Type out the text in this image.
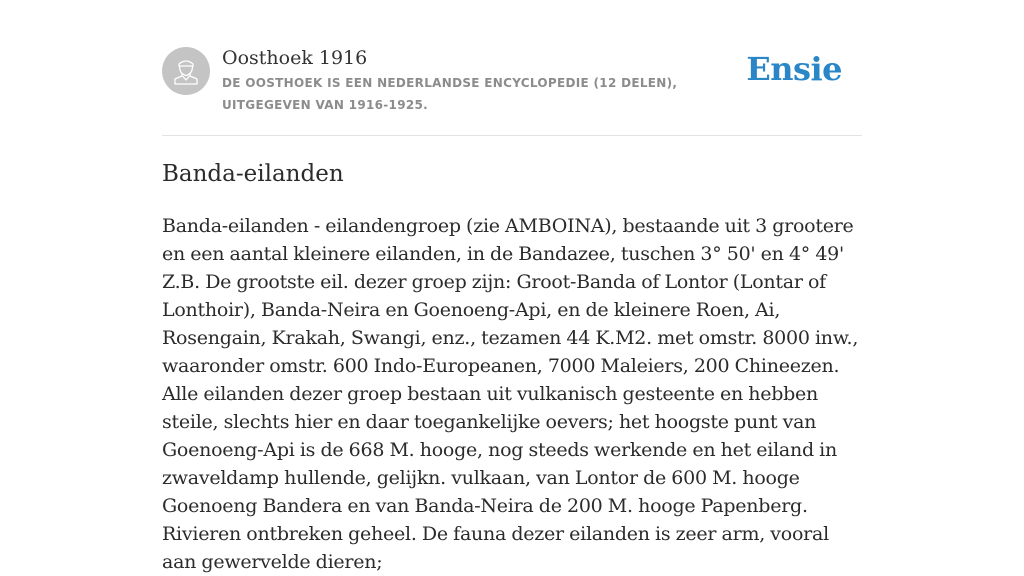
Oosthoek 1916
DE OOSTHOEK IS EEN NEDERLANDSE ENCYCLOPEDIE (12 DELEN), UITGEGEVEN VAN 1916-1925.
Ensie
Banda-eilanden

Banda-eilanden - eilandengroep (zie AMBOINA), bestaande uit 3 grootere en een aantal kleinere eilanden, in de Bandazee, tuschen 3° 50' en 4° 49' Z.B. De grootste eil. dezer groep zijn: Groot-Banda of Lontor (Lontar of Lonthoir), Banda-Neira en Goenoeng-Api, en de kleinere Roen, Ai, Rosengain, Krakah, Swangi, enz., tezamen 44 K.M2. met omstr. 8000 inw., waaronder omstr. 600 Indo-Europeanen, 7000 Maleiers, 200 Chineezen. Alle eilanden dezer groep bestaan uit vulkanisch gesteente en hebben steile, slechts hier en daar toegankelijke oevers; het hoogste punt van Goenoeng-Api is de 668 M. hooge, nog steeds werkende en het eiland in zwaveldamp hullende, gelijkn. vulkaan, van Lontor de 600 M. hooge Goenoeng Bandera en van Banda-Neira de 200 M. hooge Papenberg. Rivieren ontbreken geheel. De fauna dezer eilanden is zeer arm, vooral aan gewervelde dieren;
